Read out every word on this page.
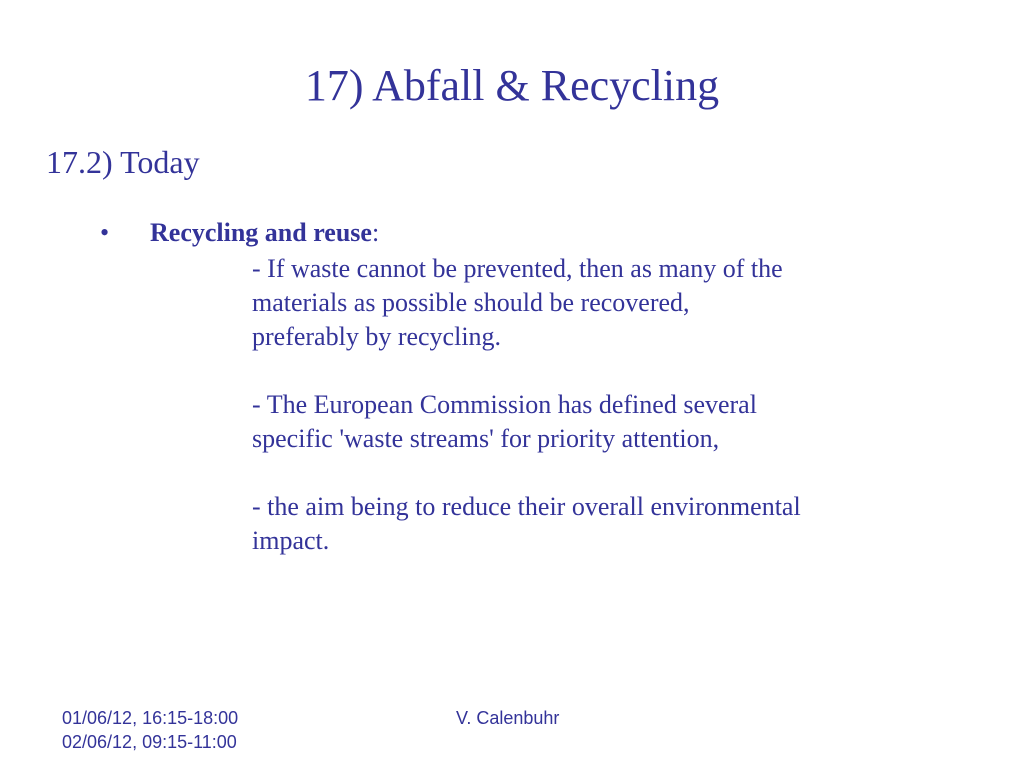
17) Abfall & Recycling
17.2) Today
• Recycling and reuse:

- If waste cannot be prevented, then as many of the
materials as possible should be recovered,
preferably by recycling.

- The European Commission has defined several
specific 'waste streams' for priority attention,

- the aim being to reduce their overall environmental
impact.

01/06/12, 16:15-18:00
02/06/12, 09:15-11:00
V. Calenbuhr
